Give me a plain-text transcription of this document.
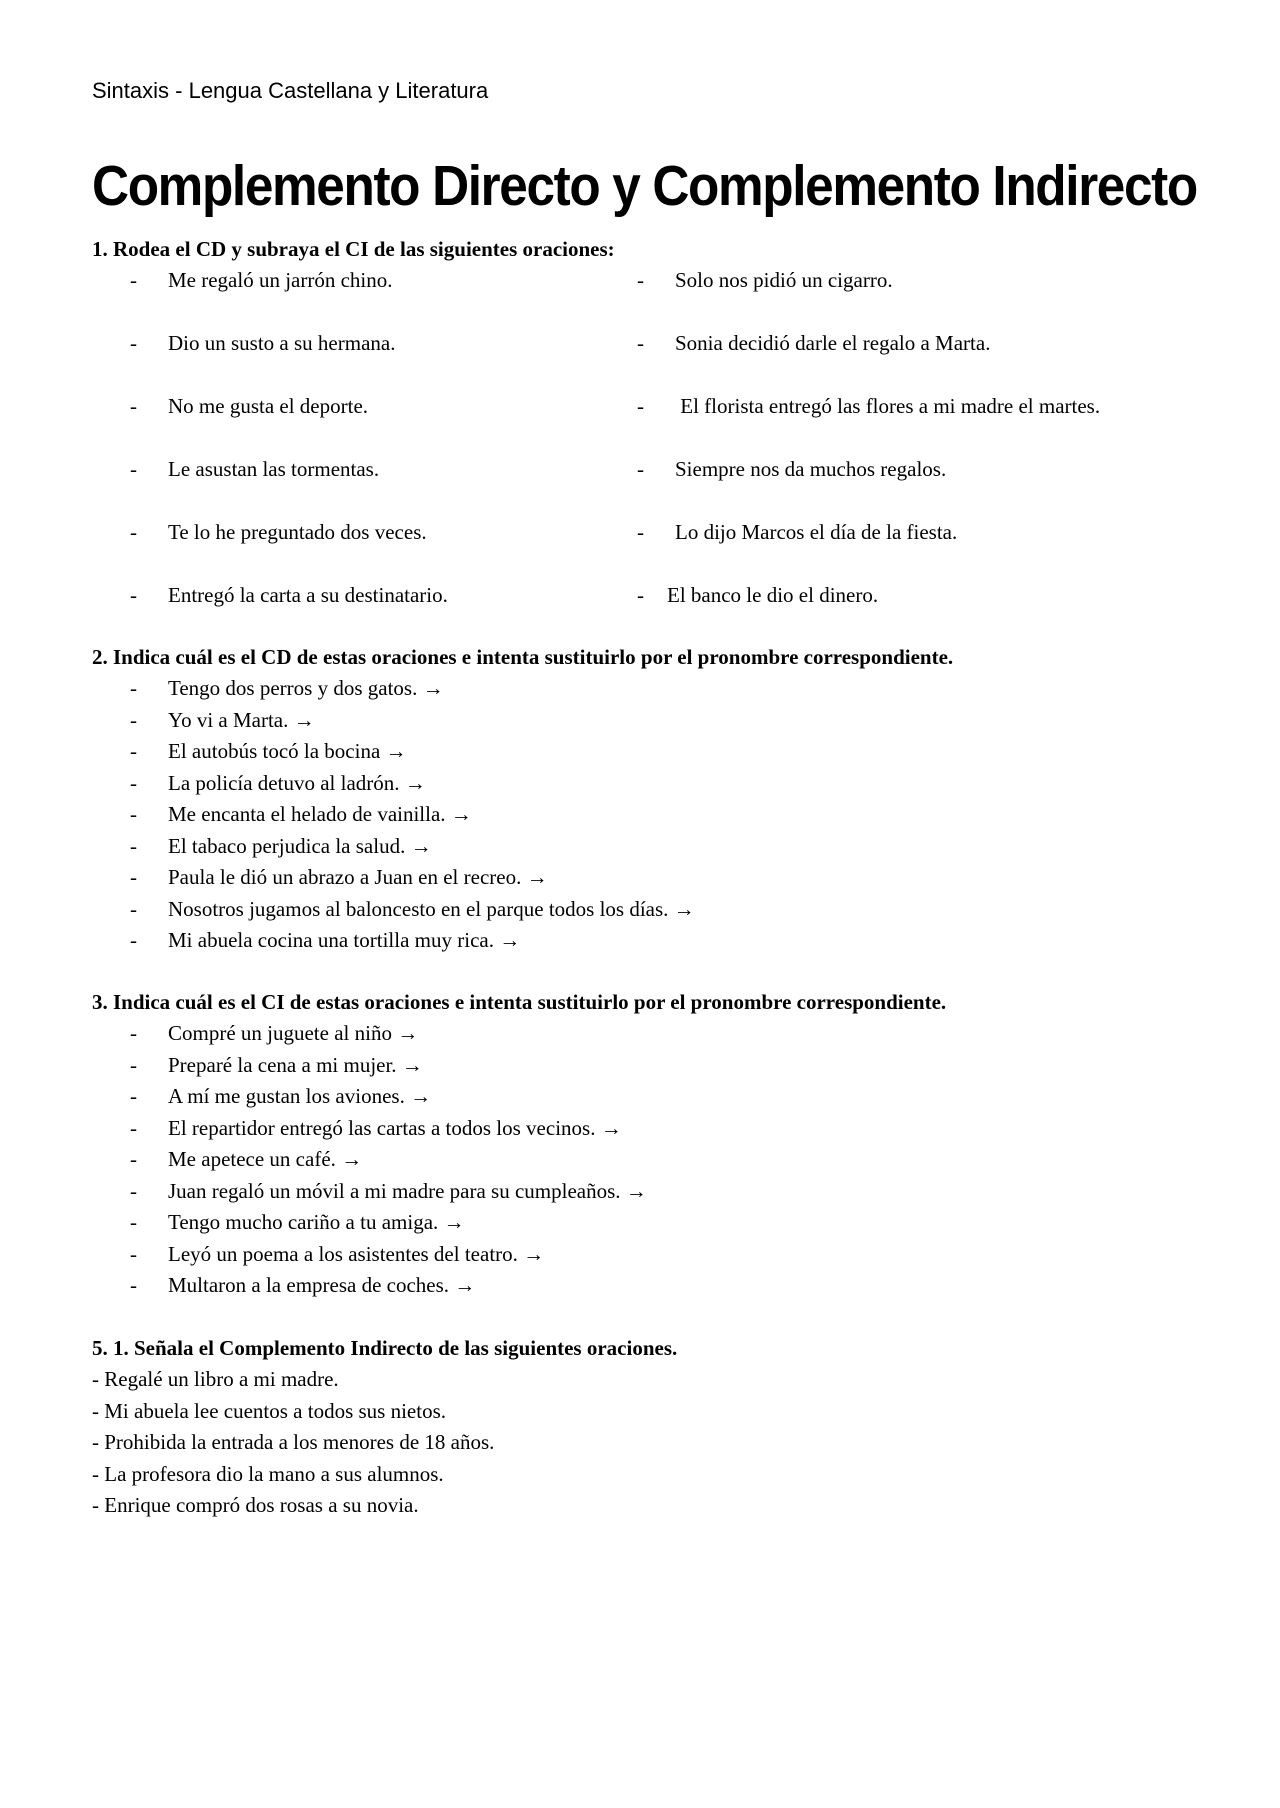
Sintaxis - Lengua Castellana y Literatura
Complemento Directo y Complemento Indirecto
1. Rodea el CD y subraya el CI de las siguientes oraciones:
- Me regaló un jarrón chino.	- Solo nos pidió un cigarro.
- Dio un susto a su hermana.	- Sonia decidió darle el regalo a Marta.
- No me gusta el deporte.	- El florista entregó las flores a mi madre el martes.
- Le asustan las tormentas.	- Siempre nos da muchos regalos.
- Te lo he preguntado dos veces.	- Lo dijo Marcos el día de la fiesta.
- Entregó la carta a su destinatario.	- El banco le dio el dinero.
2. Indica cuál es el CD de estas oraciones e intenta sustituirlo por el pronombre correspondiente.
- Tengo dos perros y dos gatos. →
- Yo vi a Marta. →
- El autobús tocó la bocina →
- La policía detuvo al ladrón. →
- Me encanta el helado de vainilla. →
- El tabaco perjudica la salud. →
- Paula le dió un abrazo a Juan en el recreo. →
- Nosotros jugamos al baloncesto en el parque todos los días. →
- Mi abuela cocina una tortilla muy rica. →
3. Indica cuál es el CI de estas oraciones e intenta sustituirlo por el pronombre correspondiente.
- Compré un juguete al niño →
- Preparé la cena a mi mujer. →
- A mí me gustan los aviones. →
- El repartidor entregó las cartas a todos los vecinos. →
- Me apetece un café. →
- Juan regaló un móvil a mi madre para su cumpleaños. →
- Tengo mucho cariño a tu amiga. →
- Leyó un poema a los asistentes del teatro. →
- Multaron a la empresa de coches. →
5. 1. Señala el Complemento Indirecto de las siguientes oraciones.
- Regalé un libro a mi madre.
- Mi abuela lee cuentos a todos sus nietos.
- Prohibida la entrada a los menores de 18 años.
- La profesora dio la mano a sus alumnos.
- Enrique compró dos rosas a su novia.
